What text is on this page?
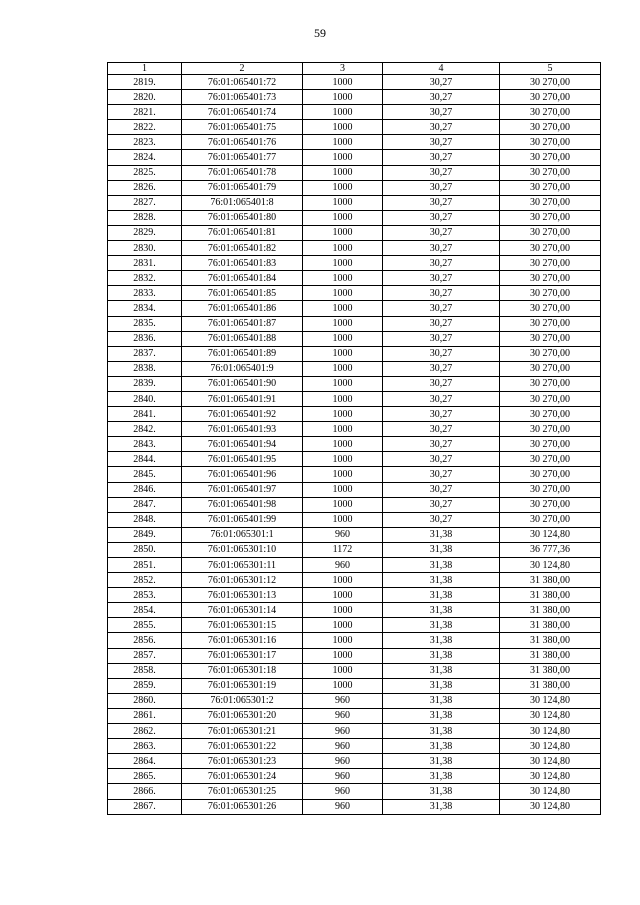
59
1	2	3	4	5
2819.	76:01:065401:72	1000	30,27	30 270,00
2820.	76:01:065401:73	1000	30,27	30 270,00
2821.	76:01:065401:74	1000	30,27	30 270,00
2822.	76:01:065401:75	1000	30,27	30 270,00
2823.	76:01:065401:76	1000	30,27	30 270,00
2824.	76:01:065401:77	1000	30,27	30 270,00
2825.	76:01:065401:78	1000	30,27	30 270,00
2826.	76:01:065401:79	1000	30,27	30 270,00
2827.	76:01:065401:8	1000	30,27	30 270,00
2828.	76:01:065401:80	1000	30,27	30 270,00
2829.	76:01:065401:81	1000	30,27	30 270,00
2830.	76:01:065401:82	1000	30,27	30 270,00
2831.	76:01:065401:83	1000	30,27	30 270,00
2832.	76:01:065401:84	1000	30,27	30 270,00
2833.	76:01:065401:85	1000	30,27	30 270,00
2834.	76:01:065401:86	1000	30,27	30 270,00
2835.	76:01:065401:87	1000	30,27	30 270,00
2836.	76:01:065401:88	1000	30,27	30 270,00
2837.	76:01:065401:89	1000	30,27	30 270,00
2838.	76:01:065401:9	1000	30,27	30 270,00
2839.	76:01:065401:90	1000	30,27	30 270,00
2840.	76:01:065401:91	1000	30,27	30 270,00
2841.	76:01:065401:92	1000	30,27	30 270,00
2842.	76:01:065401:93	1000	30,27	30 270,00
2843.	76:01:065401:94	1000	30,27	30 270,00
2844.	76:01:065401:95	1000	30,27	30 270,00
2845.	76:01:065401:96	1000	30,27	30 270,00
2846.	76:01:065401:97	1000	30,27	30 270,00
2847.	76:01:065401:98	1000	30,27	30 270,00
2848.	76:01:065401:99	1000	30,27	30 270,00
2849.	76:01:065301:1	960	31,38	30 124,80
2850.	76:01:065301:10	1172	31,38	36 777,36
2851.	76:01:065301:11	960	31,38	30 124,80
2852.	76:01:065301:12	1000	31,38	31 380,00
2853.	76:01:065301:13	1000	31,38	31 380,00
2854.	76:01:065301:14	1000	31,38	31 380,00
2855.	76:01:065301:15	1000	31,38	31 380,00
2856.	76:01:065301:16	1000	31,38	31 380,00
2857.	76:01:065301:17	1000	31,38	31 380,00
2858.	76:01:065301:18	1000	31,38	31 380,00
2859.	76:01:065301:19	1000	31,38	31 380,00
2860.	76:01:065301:2	960	31,38	30 124,80
2861.	76:01:065301:20	960	31,38	30 124,80
2862.	76:01:065301:21	960	31,38	30 124,80
2863.	76:01:065301:22	960	31,38	30 124,80
2864.	76:01:065301:23	960	31,38	30 124,80
2865.	76:01:065301:24	960	31,38	30 124,80
2866.	76:01:065301:25	960	31,38	30 124,80
2867.	76:01:065301:26	960	31,38	30 124,80
